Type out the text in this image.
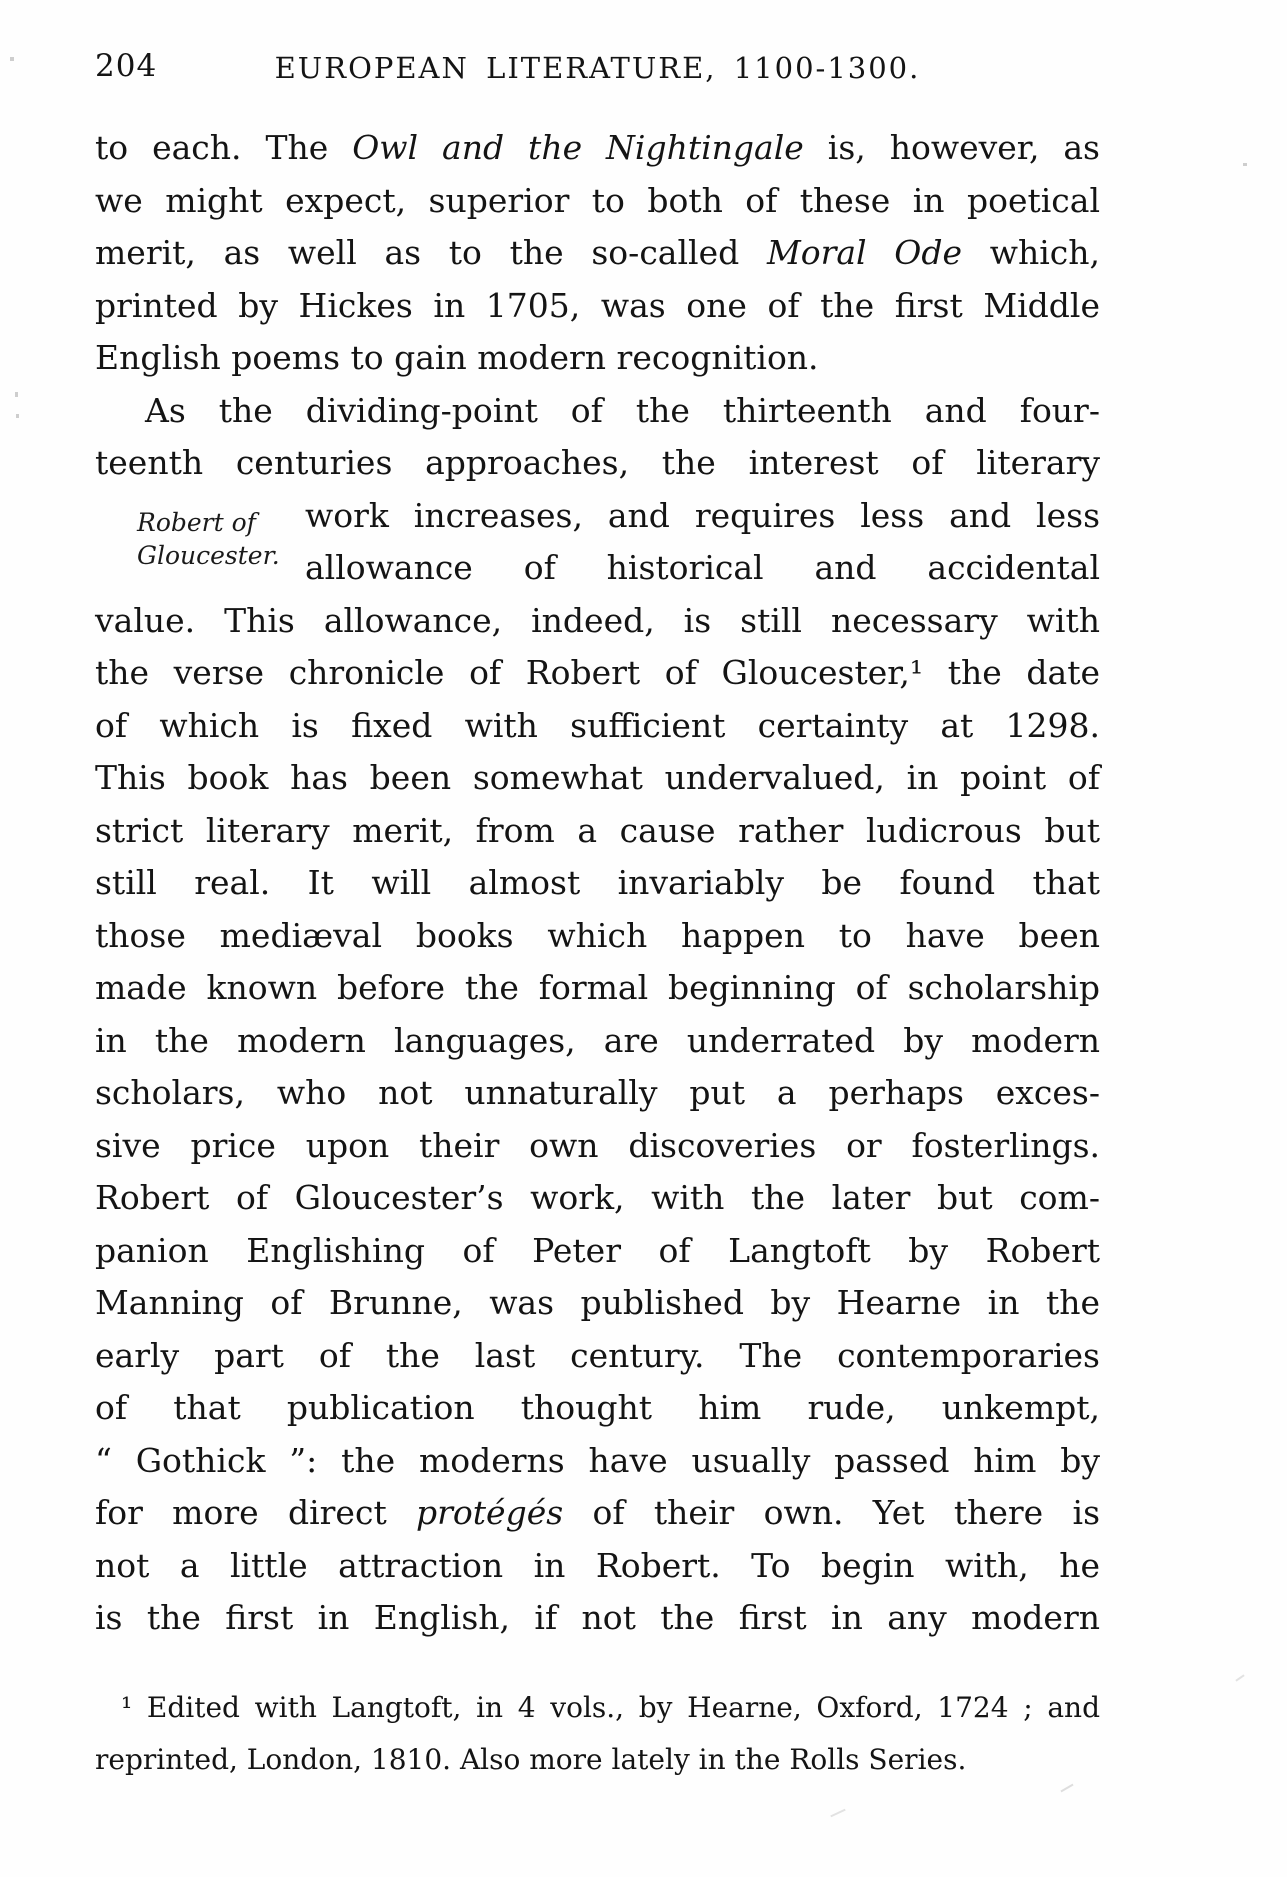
204	EUROPEAN LITERATURE, 1100-1300.
to each. The Owl and the Nightingale is, however, as
we might expect, superior to both of these in poetical
merit, as well as to the so-called Moral Ode which,
printed by Hickes in 1705, was one of the first Middle
English poems to gain modern recognition.
As the dividing-point of the thirteenth and four-
teenth centuries approaches, the interest of literary
work increases, and requires less and less
allowance of historical and accidental
value. This allowance, indeed, is still necessary with
the verse chronicle of Robert of Gloucester,¹ the date
of which is fixed with sufficient certainty at 1298.
This book has been somewhat undervalued, in point of
strict literary merit, from a cause rather ludicrous but
still real. It will almost invariably be found that
those mediæval books which happen to have been
made known before the formal beginning of scholarship
in the modern languages, are underrated by modern
scholars, who not unnaturally put a perhaps exces-
sive price upon their own discoveries or fosterlings.
Robert of Gloucester’s work, with the later but com-
panion Englishing of Peter of Langtoft by Robert
Manning of Brunne, was published by Hearne in the
early part of the last century. The contemporaries
of that publication thought him rude, unkempt,
“ Gothick ”: the moderns have usually passed him by
for more direct protégés of their own. Yet there is
not a little attraction in Robert. To begin with, he
is the first in English, if not the first in any modern
Robert of
Gloucester.
¹ Edited with Langtoft, in 4 vols., by Hearne, Oxford, 1724 ; and
reprinted, London, 1810. Also more lately in the Rolls Series.
